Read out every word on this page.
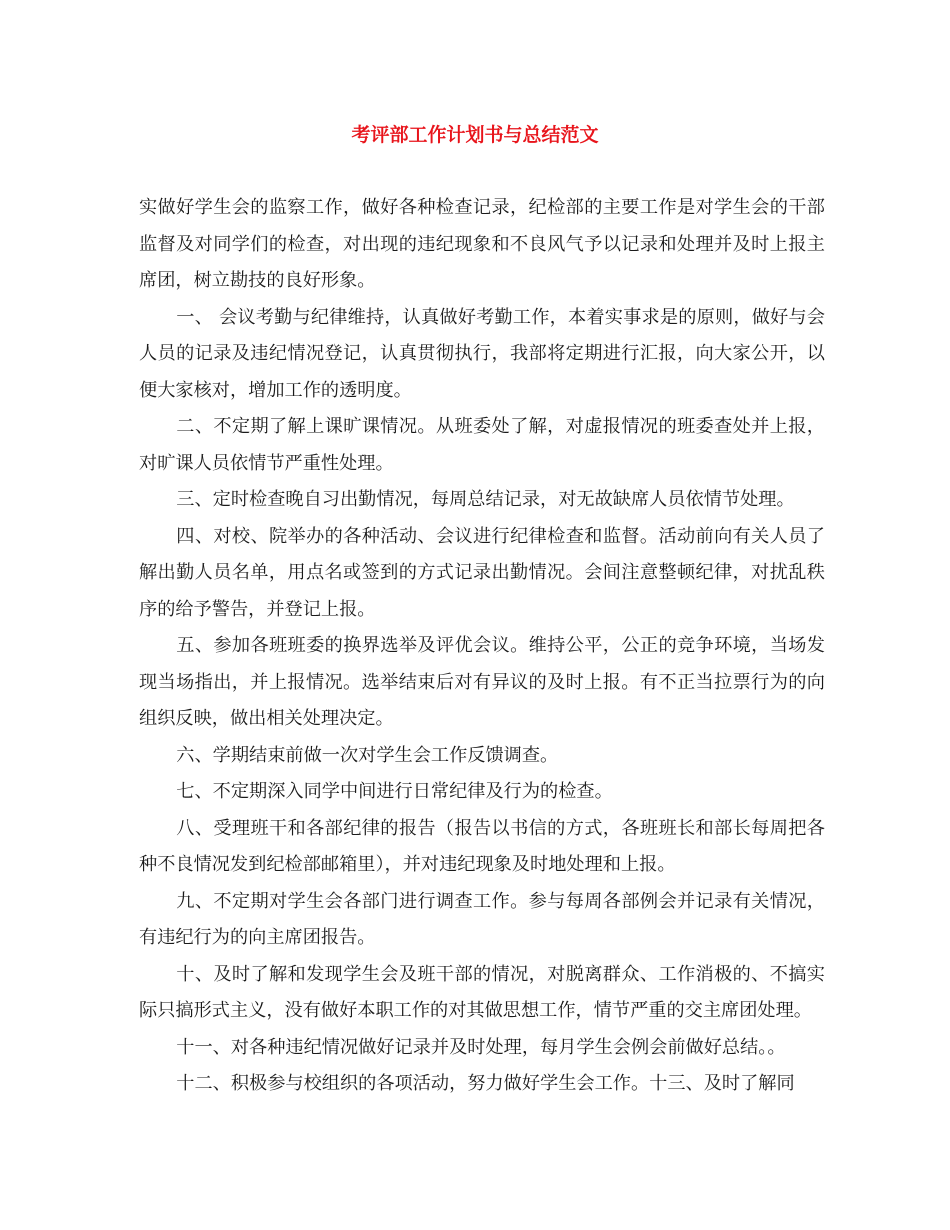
考评部工作计划书与总结范文

实做好学生会的监察工作，做好各种检查记录，纪检部的主要工作是对学生会的干部监督及对同学们的检查，对出现的违纪现象和不良风气予以记录和处理并及时上报主席团，树立勘技的良好形象。

一、 会议考勤与纪律维持，认真做好考勤工作，本着实事求是的原则，做好与会人员的记录及违纪情况登记，认真贯彻执行，我部将定期进行汇报，向大家公开，以便大家核对，增加工作的透明度。

二、不定期了解上课旷课情况。从班委处了解，对虚报情况的班委查处并上报，对旷课人员依情节严重性处理。

三、定时检查晚自习出勤情况，每周总结记录，对无故缺席人员依情节处理。

四、对校、院举办的各种活动、会议进行纪律检查和监督。活动前向有关人员了解出勤人员名单，用点名或签到的方式记录出勤情况。会间注意整顿纪律，对扰乱秩序的给予警告，并登记上报。

五、参加各班班委的换界选举及评优会议。维持公平，公正的竞争环境，当场发现当场指出，并上报情况。选举结束后对有异议的及时上报。有不正当拉票行为的向组织反映，做出相关处理决定。

六、学期结束前做一次对学生会工作反馈调查。

七、不定期深入同学中间进行日常纪律及行为的检查。

八、受理班干和各部纪律的报告（报告以书信的方式，各班班长和部长每周把各种不良情况发到纪检部邮箱里），并对违纪现象及时地处理和上报。

九、不定期对学生会各部门进行调查工作。参与每周各部例会并记录有关情况，有违纪行为的向主席团报告。

十、及时了解和发现学生会及班干部的情况，对脱离群众、工作消极的、不搞实际只搞形式主义，没有做好本职工作的对其做思想工作，情节严重的交主席团处理。

十一、对各种违纪情况做好记录并及时处理，每月学生会例会前做好总结。。

十二、积极参与校组织的各项活动，努力做好学生会工作。十三、及时了解同
